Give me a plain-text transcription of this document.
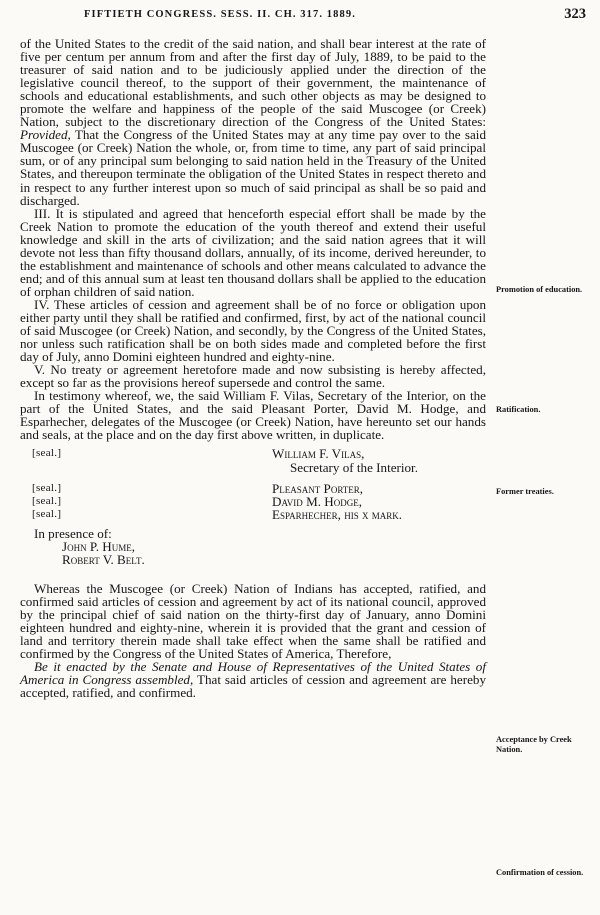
FIFTIETH CONGRESS. SESS. II. CH. 317. 1889.	323

of the United States to the credit of the said nation, and shall bear interest at the rate of five per centum per annum from and after the first day of July, 1889, to be paid to the treasurer of said nation and to be judiciously applied under the direction of the legislative council thereof, to the support of their government, the maintenance of schools and educational establishments, and such other objects as may be designed to promote the welfare and happiness of the people of the said Muscogee (or Creek) Nation, subject to the discretionary direction of the Congress of the United States: Provided, That the Congress of the United States may at any time pay over to the said Muscogee (or Creek) Nation the whole, or, from time to time, any part of said principal sum, or of any principal sum belonging to said nation held in the Treasury of the United States, and thereupon terminate the obligation of the United States in respect thereto and in respect to any further interest upon so much of said principal as shall be so paid and discharged.

III. It is stipulated and agreed that henceforth especial effort shall be made by the Creek Nation to promote the education of the youth thereof and extend their useful knowledge and skill in the arts of civilization; and the said nation agrees that it will devote not less than fifty thousand dollars, annually, of its income, derived hereunder, to the establishment and maintenance of schools and other means calculated to advance the end; and of this annual sum at least ten thousand dollars shall be applied to the education of orphan children of said nation.

IV. These articles of cession and agreement shall be of no force or obligation upon either party until they shall be ratified and confirmed, first, by act of the national council of said Muscogee (or Creek) Nation, and secondly, by the Congress of the United States, nor unless such ratification shall be on both sides made and completed before the first day of July, anno Domini eighteen hundred and eighty-nine.

V. No treaty or agreement heretofore made and now subsisting is hereby affected, except so far as the provisions hereof supersede and control the same.

In testimony whereof, we, the said William F. Vilas, Secretary of the Interior, on the part of the United States, and the said Pleasant Porter, David M. Hodge, and Esparhecher, delegates of the Muscogee (or Creek) Nation, have hereunto set our hands and seals, at the place and on the day first above written, in duplicate.

[seal.]	William F. Vilas,
Secretary of the Interior.
[seal.]	Pleasant Porter,
[seal.]	David M. Hodge,
[seal.]	Esparhecher, his x mark.
In presence of:
John P. Hume,
Robert V. Belt.

Whereas the Muscogee (or Creek) Nation of Indians has accepted, ratified, and confirmed said articles of cession and agreement by act of its national council, approved by the principal chief of said nation on the thirty-first day of January, anno Domini eighteen hundred and eighty-nine, wherein it is provided that the grant and cession of land and territory therein made shall take effect when the same shall be ratified and confirmed by the Congress of the United States of America, Therefore,

Be it enacted by the Senate and House of Representatives of the United States of America in Congress assembled, That said articles of cession and agreement are hereby accepted, ratified, and confirmed.

Promotion of education.
Ratification.
Former treaties.
Acceptance by Creek Nation.
Confirmation of cession.
